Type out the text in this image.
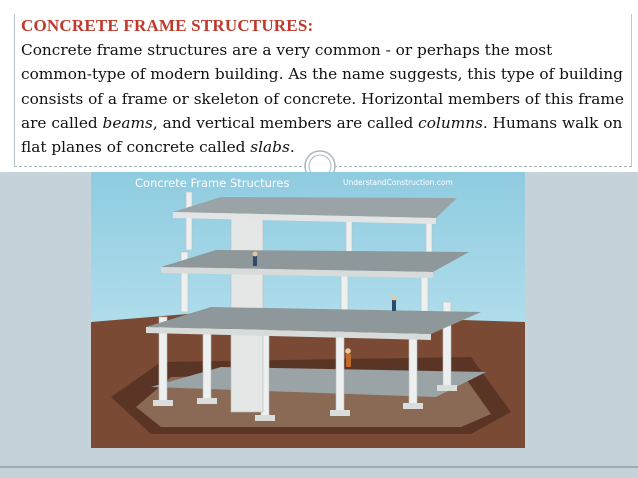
CONCRETE FRAME STRUCTURES:

Concrete frame structures are a very common - or perhaps the most common-type of modern building. As the name suggests, this type of building consists of a frame or skeleton of concrete. Horizontal members of this frame are called beams, and vertical members are called columns. Humans walk on flat planes of concrete called slabs.

Concrete Frame Structures	UnderstandConstruction.com
